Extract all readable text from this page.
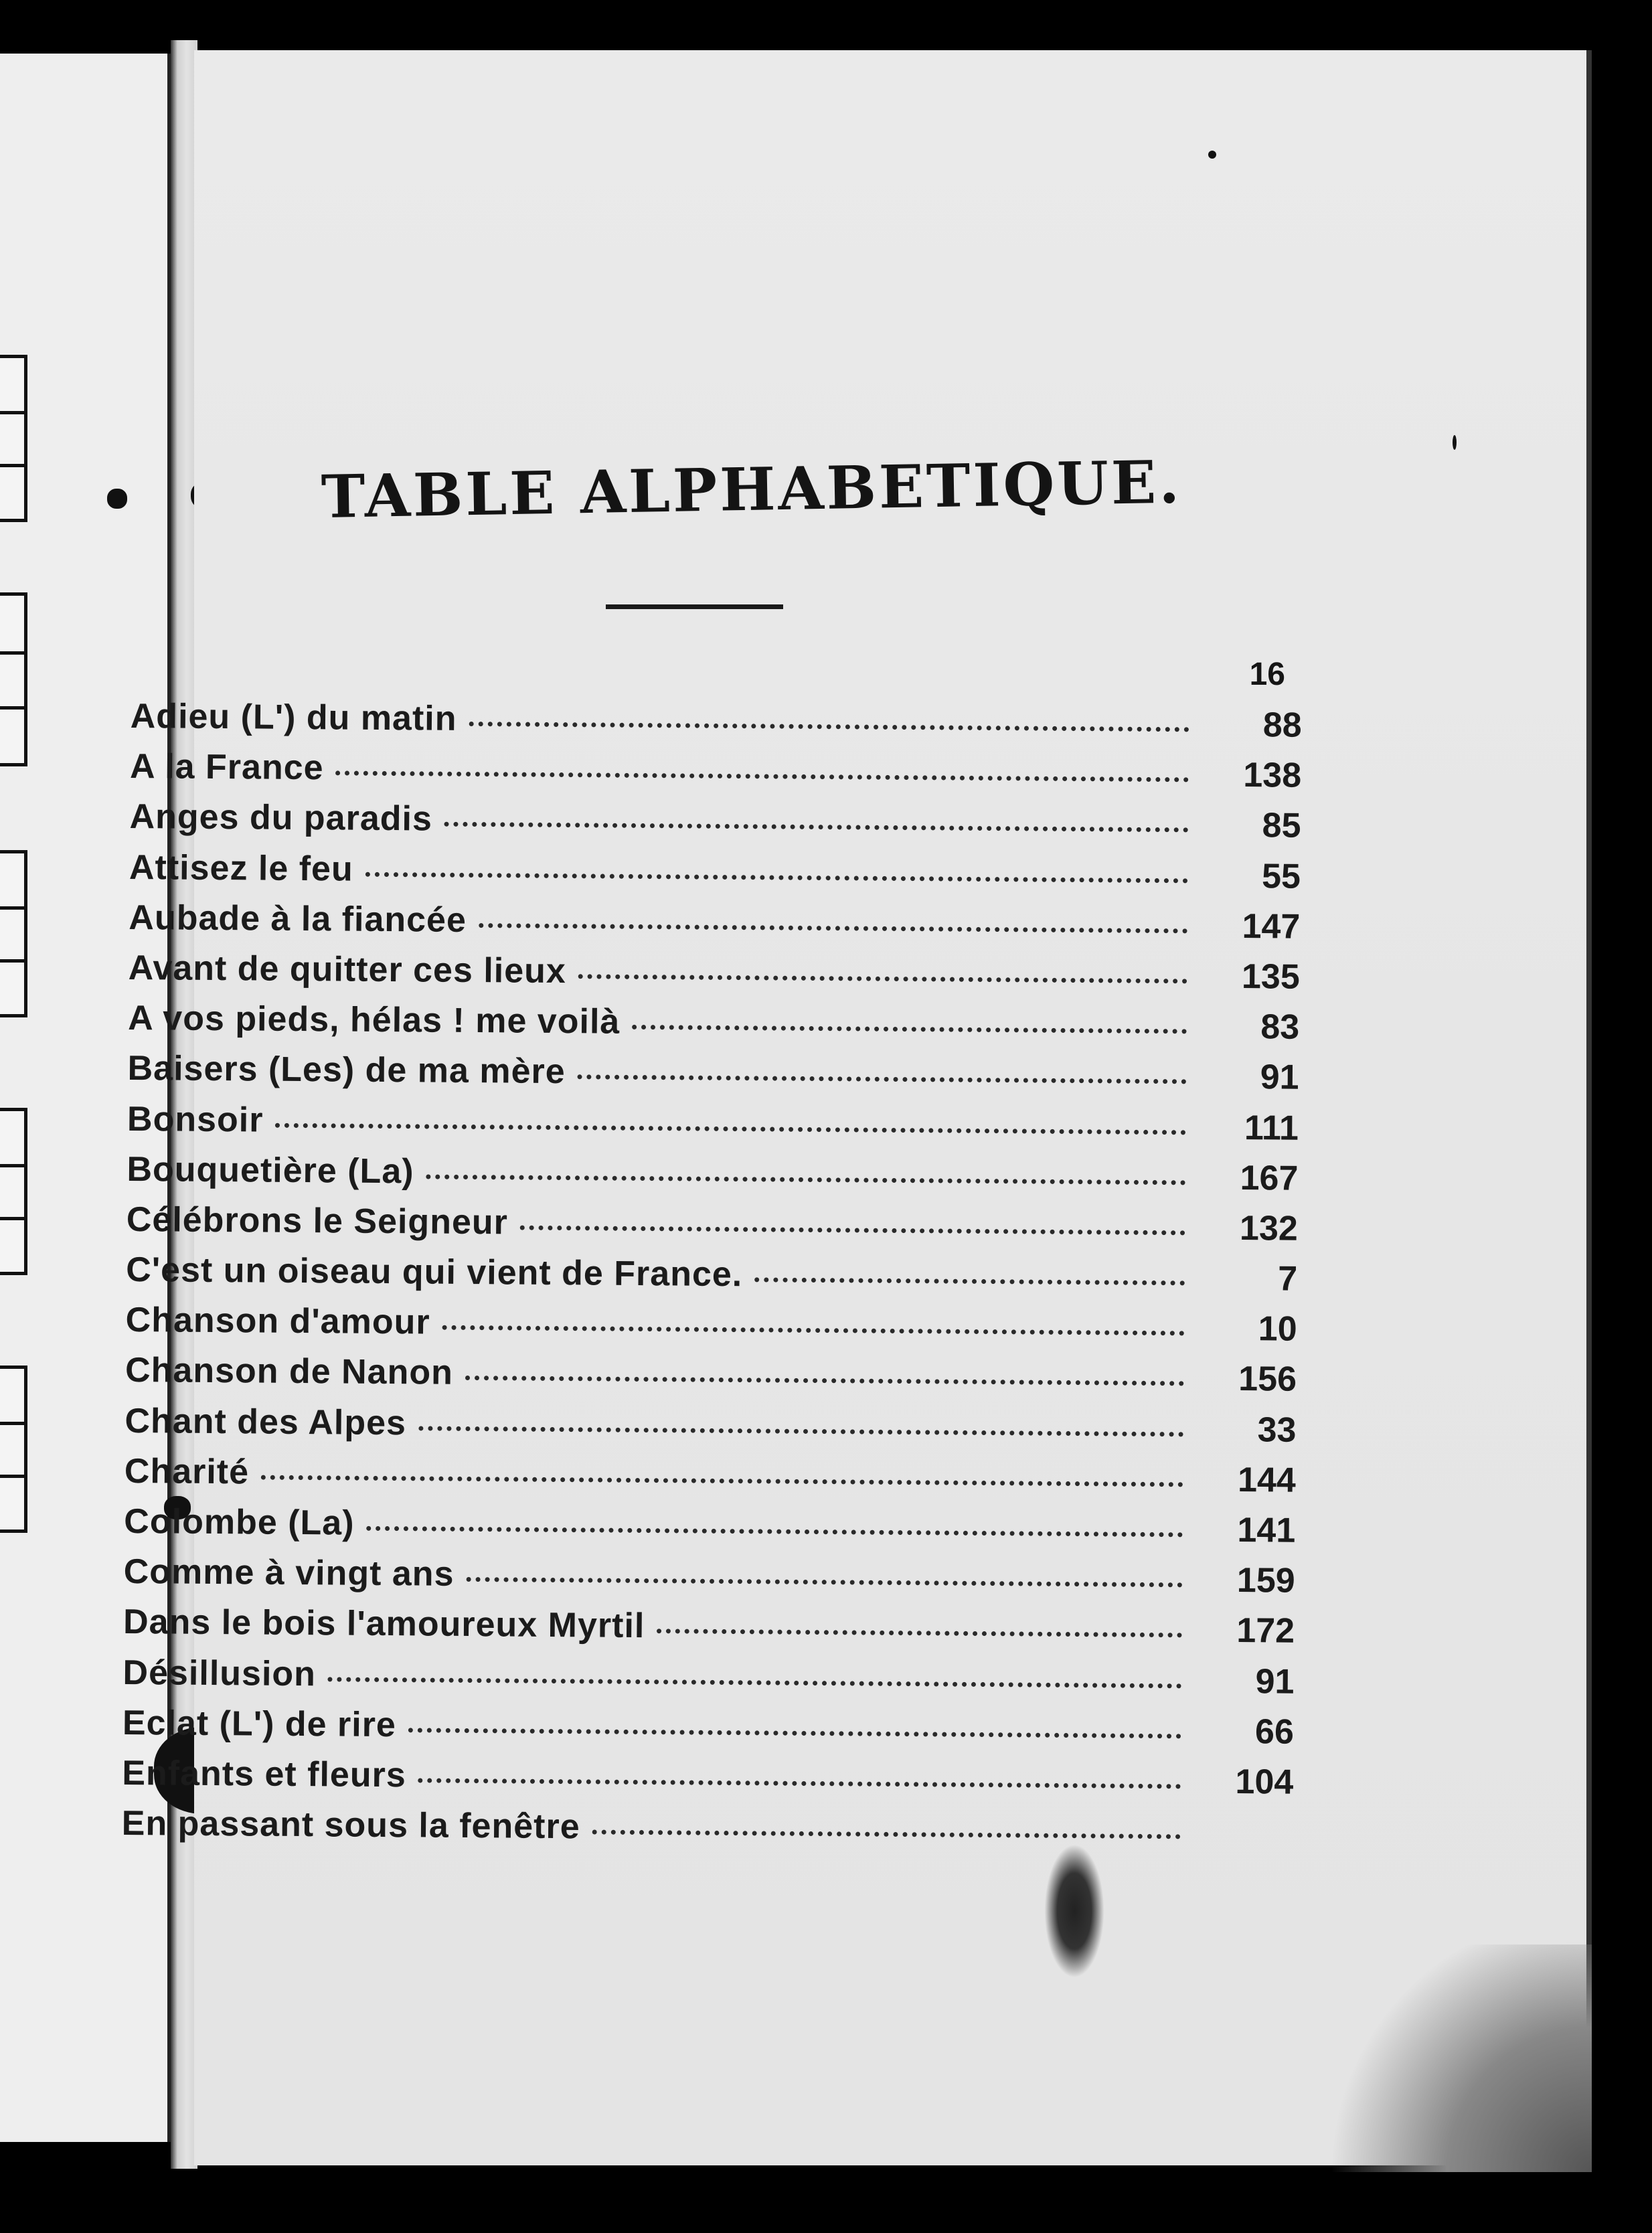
TABLE ALPHABETIQUE.
16
Adieu (L') du matin	88
A la France	138
Anges du paradis	85
Attisez le feu	55
Aubade à la fiancée	147
Avant de quitter ces lieux	135
A vos pieds, hélas ! me voilà	83
Baisers (Les) de ma mère	91
Bonsoir	111
Bouquetière (La)	167
Célébrons le Seigneur	132
C'est un oiseau qui vient de France.	7
Chanson d'amour	10
Chanson de Nanon	156
Chant des Alpes	33
Charité	144
Colombe (La)	141
Comme à vingt ans	159
Dans le bois l'amoureux Myrtil	172
Désillusion	91
Eclat (L') de rire	66
Enfants et fleurs	104
En passant sous la fenêtre
